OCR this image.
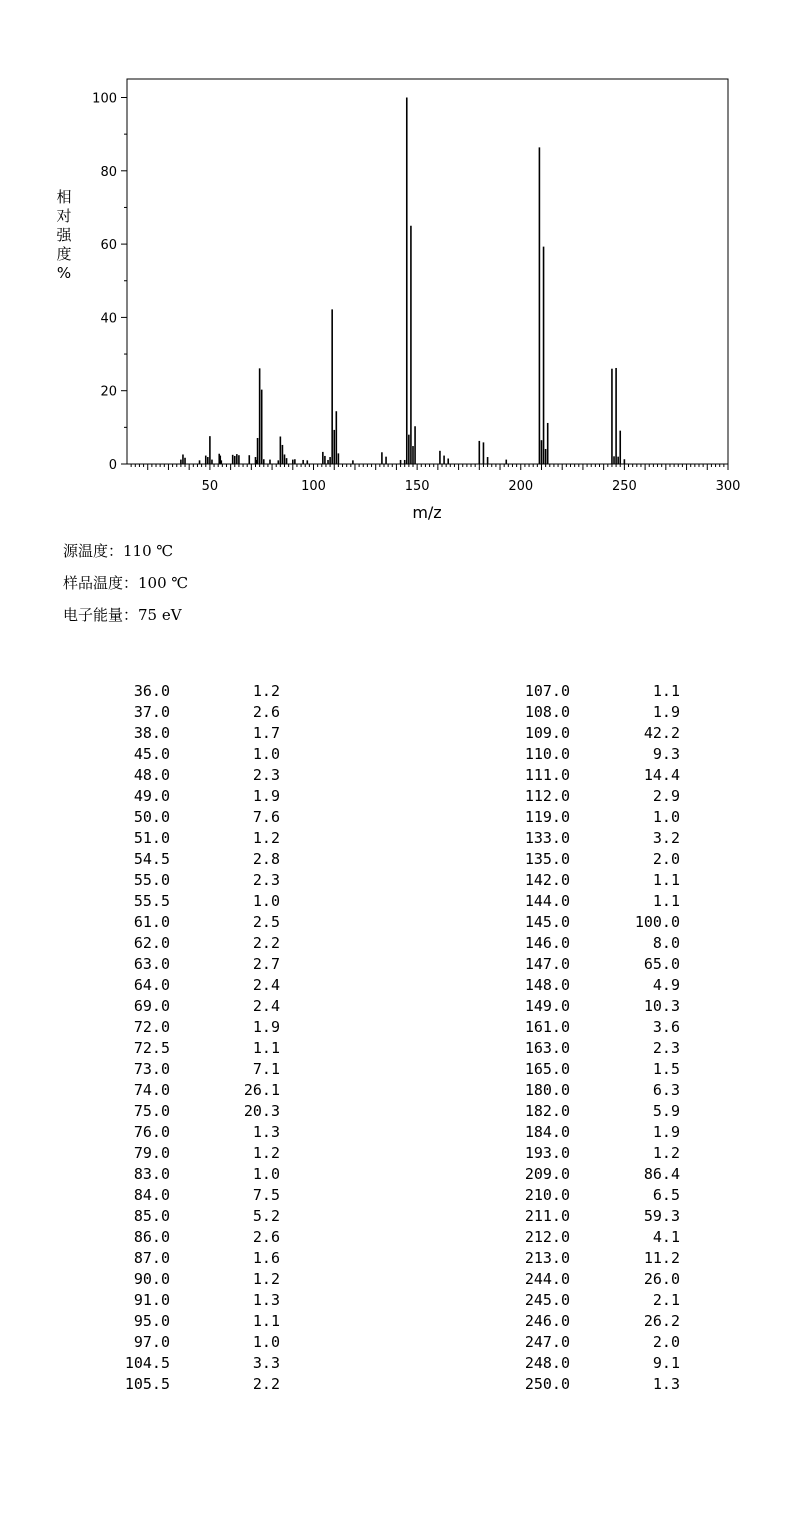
50	100	150	200	250	300
0
20
40
60
80
100
m/z
相对强度%
源温度：110 ℃
样品温度：100 ℃
电子能量：75 eV
36.0	1.2
37.0	2.6
38.0	1.7
45.0	1.0
48.0	2.3
49.0	1.9
50.0	7.6
51.0	1.2
54.5	2.8
55.0	2.3
55.5	1.0
61.0	2.5
62.0	2.2
63.0	2.7
64.0	2.4
69.0	2.4
72.0	1.9
72.5	1.1
73.0	7.1
74.0	26.1
75.0	20.3
76.0	1.3
79.0	1.2
83.0	1.0
84.0	7.5
85.0	5.2
86.0	2.6
87.0	1.6
90.0	1.2
91.0	1.3
95.0	1.1
97.0	1.0
104.5	3.3
105.5	2.2
107.0	1.1
108.0	1.9
109.0	42.2
110.0	9.3
111.0	14.4
112.0	2.9
119.0	1.0
133.0	3.2
135.0	2.0
142.0	1.1
144.0	1.1
145.0	100.0
146.0	8.0
147.0	65.0
148.0	4.9
149.0	10.3
161.0	3.6
163.0	2.3
165.0	1.5
180.0	6.3
182.0	5.9
184.0	1.9
193.0	1.2
209.0	86.4
210.0	6.5
211.0	59.3
212.0	4.1
213.0	11.2
244.0	26.0
245.0	2.1
246.0	26.2
247.0	2.0
248.0	9.1
250.0	1.3
